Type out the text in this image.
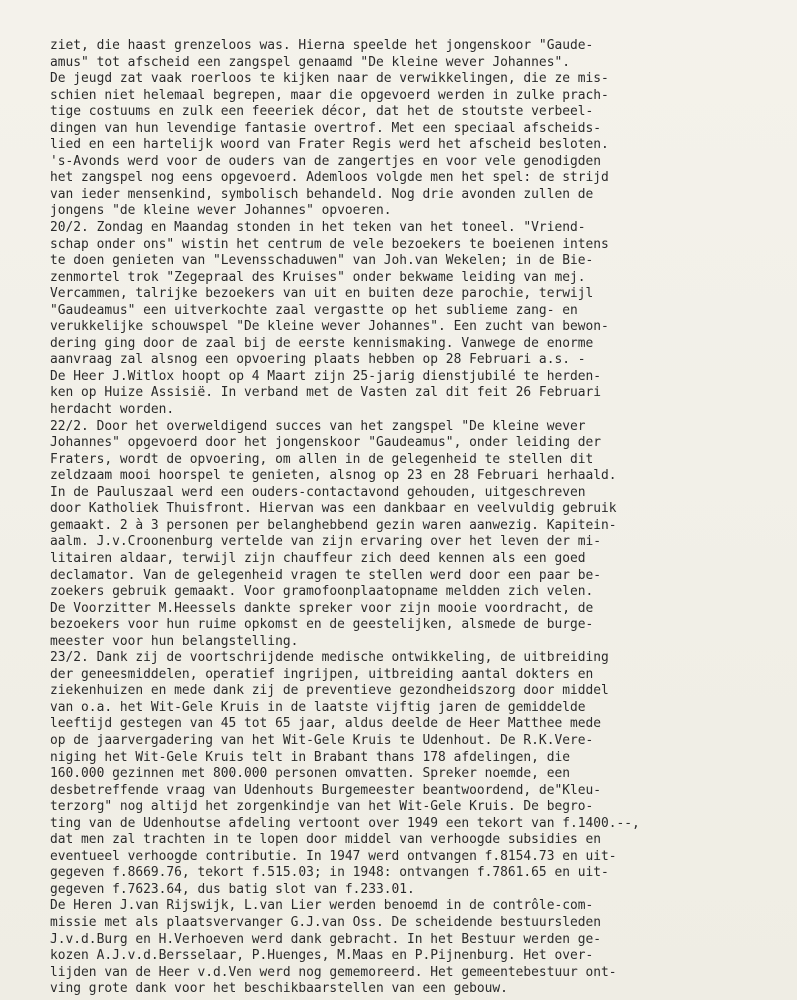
ziet, die haast grenzeloos was. Hierna speelde het jongenskoor "Gaude-
amus" tot afscheid een zangspel genaamd "De kleine wever Johannes".
De jeugd zat vaak roerloos te kijken naar de verwikkelingen, die ze mis-
schien niet helemaal begrepen, maar die opgevoerd werden in zulke prach-
tige costuums en zulk een feeeriek décor, dat het de stoutste verbeel-
dingen van hun levendige fantasie overtrof. Met een speciaal afscheids-
lied en een hartelijk woord van Frater Regis werd het afscheid besloten.
's-Avonds werd voor de ouders van de zangertjes en voor vele genodigden
het zangspel nog eens opgevoerd. Ademloos volgde men het spel: de strijd
van ieder mensenkind, symbolisch behandeld. Nog drie avonden zullen de
jongens "de kleine wever Johannes" opvoeren.
20/2. Zondag en Maandag stonden in het teken van het toneel. "Vriend-
schap onder ons" wistin het centrum de vele bezoekers te boeienen intens
te doen genieten van "Levensschaduwen" van Joh.van Wekelen; in de Bie-
zenmortel trok "Zegepraal des Kruises" onder bekwame leiding van mej.
Vercammen, talrijke bezoekers van uit en buiten deze parochie, terwijl
"Gaudeamus" een uitverkochte zaal vergastte op het sublieme zang- en
verukkelijke schouwspel "De kleine wever Johannes". Een zucht van bewon-
dering ging door de zaal bij de eerste kennismaking. Vanwege de enorme
aanvraag zal alsnog een opvoering plaats hebben op 28 Februari a.s. -
De Heer J.Witlox hoopt op 4 Maart zijn 25-jarig dienstjubilé te herden-
ken op Huize Assisië. In verband met de Vasten zal dit feit 26 Februari
herdacht worden.
22/2. Door het overweldigend succes van het zangspel "De kleine wever
Johannes" opgevoerd door het jongenskoor "Gaudeamus", onder leiding der
Fraters, wordt de opvoering, om allen in de gelegenheid te stellen dit
zeldzaam mooi hoorspel te genieten, alsnog op 23 en 28 Februari herhaald.
In de Pauluszaal werd een ouders-contactavond gehouden, uitgeschreven
door Katholiek Thuisfront. Hiervan was een dankbaar en veelvuldig gebruik
gemaakt. 2 à 3 personen per belanghebbend gezin waren aanwezig. Kapitein-
aalm. J.v.Croonenburg vertelde van zijn ervaring over het leven der mi-
litairen aldaar, terwijl zijn chauffeur zich deed kennen als een goed
declamator. Van de gelegenheid vragen te stellen werd door een paar be-
zoekers gebruik gemaakt. Voor gramofoonplaatopname meldden zich velen.
De Voorzitter M.Heessels dankte spreker voor zijn mooie voordracht, de
bezoekers voor hun ruime opkomst en de geestelijken, alsmede de burge-
meester voor hun belangstelling.
23/2. Dank zij de voortschrijdende medische ontwikkeling, de uitbreiding
der geneesmiddelen, operatief ingrijpen, uitbreiding aantal dokters en
ziekenhuizen en mede dank zij de preventieve gezondheidszorg door middel
van o.a. het Wit-Gele Kruis in de laatste vijftig jaren de gemiddelde
leeftijd gestegen van 45 tot 65 jaar, aldus deelde de Heer Matthee mede
op de jaarvergadering van het Wit-Gele Kruis te Udenhout. De R.K.Vere-
niging het Wit-Gele Kruis telt in Brabant thans 178 afdelingen, die
160.000 gezinnen met 800.000 personen omvatten. Spreker noemde, een
desbetreffende vraag van Udenhouts Burgemeester beantwoordend, de"Kleu-
terzorg" nog altijd het zorgenkindje van het Wit-Gele Kruis. De begro-
ting van de Udenhoutse afdeling vertoont over 1949 een tekort van f.1400.--,
dat men zal trachten in te lopen door middel van verhoogde subsidies en
eventueel verhoogde contributie. In 1947 werd ontvangen f.8154.73 en uit-
gegeven f.8669.76, tekort f.515.03; in 1948: ontvangen f.7861.65 en uit-
gegeven f.7623.64, dus batig slot van f.233.01.
De Heren J.van Rijswijk, L.van Lier werden benoemd in de contrôle-com-
missie met als plaatsvervanger G.J.van Oss. De scheidende bestuursleden
J.v.d.Burg en H.Verhoeven werd dank gebracht. In het Bestuur werden ge-
kozen A.J.v.d.Bersselaar, P.Huenges, M.Maas en P.Pijnenburg. Het over-
lijden van de Heer v.d.Ven werd nog gememoreerd. Het gemeentebestuur ont-
ving grote dank voor het beschikbaarstellen van een gebouw.
